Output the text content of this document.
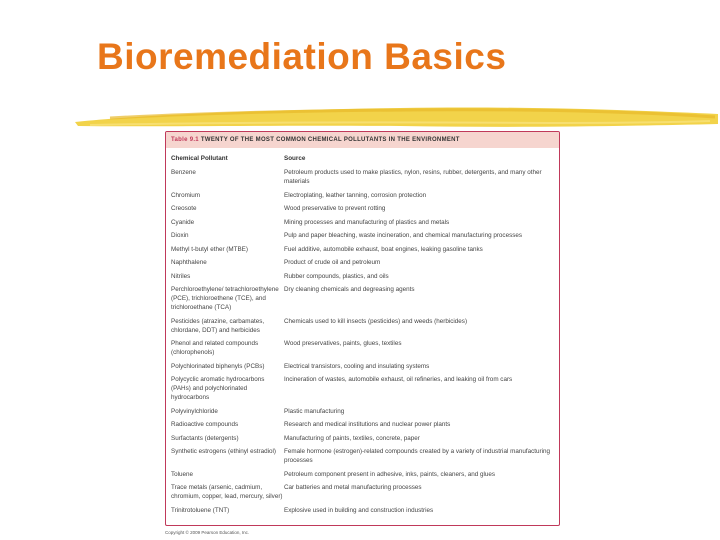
Bioremediation Basics
Table 9.1 TWENTY OF THE MOST COMMON CHEMICAL POLLUTANTS IN THE ENVIRONMENT
Chemical Pollutant	Source
Benzene	Petroleum products used to make plastics, nylon, resins, rubber, detergents, and many other materials
Chromium	Electroplating, leather tanning, corrosion protection
Creosote	Wood preservative to prevent rotting
Cyanide	Mining processes and manufacturing of plastics and metals
Dioxin	Pulp and paper bleaching, waste incineration, and chemical manufacturing processes
Methyl t-butyl ether (MTBE)	Fuel additive, automobile exhaust, boat engines, leaking gasoline tanks
Naphthalene	Product of crude oil and petroleum
Nitriles	Rubber compounds, plastics, and oils
Perchloroethylene/ tetrachloroethylene (PCE), trichloroethene (TCE), and trichloroethane (TCA)	Dry cleaning chemicals and degreasing agents
Pesticides (atrazine, carbamates, chlordane, DDT) and herbicides	Chemicals used to kill insects (pesticides) and weeds (herbicides)
Phenol and related compounds (chlorophenols)	Wood preservatives, paints, glues, textiles
Polychlorinated biphenyls (PCBs)	Electrical transistors, cooling and insulating systems
Polycyclic aromatic hydrocarbons (PAHs) and polychlorinated hydrocarbons	Incineration of wastes, automobile exhaust, oil refineries, and leaking oil from cars
Polyvinylchloride	Plastic manufacturing
Radioactive compounds	Research and medical institutions and nuclear power plants
Surfactants (detergents)	Manufacturing of paints, textiles, concrete, paper
Synthetic estrogens (ethinyl estradiol)	Female hormone (estrogen)-related compounds created by a variety of industrial manufacturing processes
Toluene	Petroleum component present in adhesive, inks, paints, cleaners, and glues
Trace metals (arsenic, cadmium, chromium, copper, lead, mercury, silver)	Car batteries and metal manufacturing processes
Trinitrotoluene (TNT)	Explosive used in building and construction industries
Copyright © 2009 Pearson Education, Inc.
